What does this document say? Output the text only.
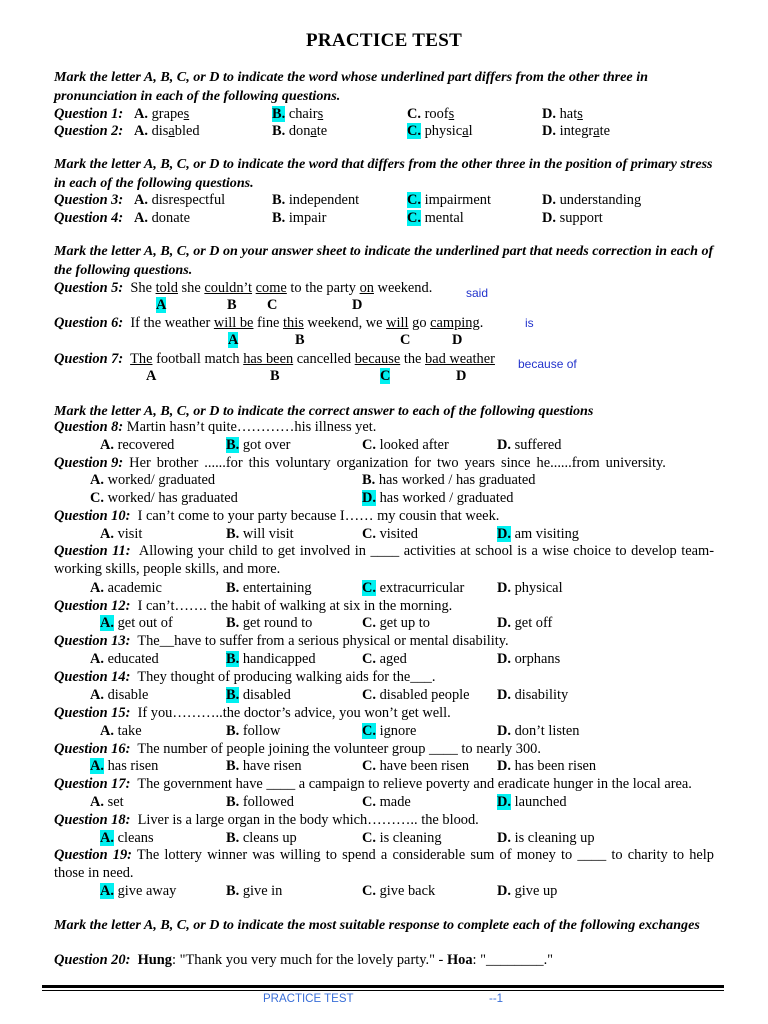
PRACTICE TEST
Mark the letter A, B, C, or D to indicate the word whose underlined part differs from the other three in pronunciation in each of the following questions.
Question 1: A. grapes	B. chairs	C. roofs	D. hats
Question 2: A. disabled	B. donate	C. physical	D. integrate
Mark the letter A, B, C, or D to indicate the word that differs from the other three in the position of primary stress in each of the following questions.
Question 3: A. disrespectful	B. independent	C. impairment	D. understanding
Question 4: A. donate	B. impair	C. mental	D. support
Mark the letter A, B, C, or D on your answer sheet to indicate the underlined part that needs correction in each of the following questions.
Question 5: She told she couldn’t come to the party on weekend.
A	B C	D
said
Question 6: If the weather will be fine this weekend, we will go camping.
A	B	C	D
is
Question 7: The football match has been cancelled because the bad weather
A	B	C	D
because of
Mark the letter A, B, C, or D to indicate the correct answer to each of the following questions
Question 8: Martin hasn’t quite…………his illness yet.
A. recovered	B. got over	C. looked after	D. suffered
Question 9: Her brother ......for this voluntary organization for two years since he......from university.
A. worked/ graduated	B. has worked / has graduated
C. worked/ has graduated	D. has worked / graduated
Question 10: I can’t come to your party because I…… my cousin that week.
A. visit	B. will visit	C. visited	D. am visiting
Question 11: Allowing your child to get involved in ____ activities at school is a wise choice to develop team-working skills, people skills, and more.
A. academic	B. entertaining	C. extracurricular D. physical
Question 12: I can’t……. the habit of walking at six in the morning.
A. get out of	B. get round to	C. get up to	D. get off
Question 13: The__have to suffer from a serious physical or mental disability.
A. educated	B. handicapped	C. aged	D. orphans
Question 14: They thought of producing walking aids for the___.
A. disable	B. disabled	C. disabled people D. disability
Question 15: If you………..the doctor’s advice, you won’t get well.
A. take	B. follow	C. ignore	D. don’t listen
Question 16: The number of people joining the volunteer group ____ to nearly 300.
A. has risen	B. have risen	C. have been risen D. has been risen
Question 17: The government have ____ a campaign to relieve poverty and eradicate hunger in the local area.
A. set	B. followed	C. made	D. launched
Question 18: Liver is a large organ in the body which……….. the blood.
A. cleans	B. cleans up	C. is cleaning	D. is cleaning up
Question 19: The lottery winner was willing to spend a considerable sum of money to ____ to charity to help those in need.
A. give away	B. give in	C. give back	D. give up
Mark the letter A, B, C, or D to indicate the most suitable response to complete each of the following exchanges
Question 20: Hung: "Thank you very much for the lovely party." - Hoa: "________."
PRACTICE TEST	--1
